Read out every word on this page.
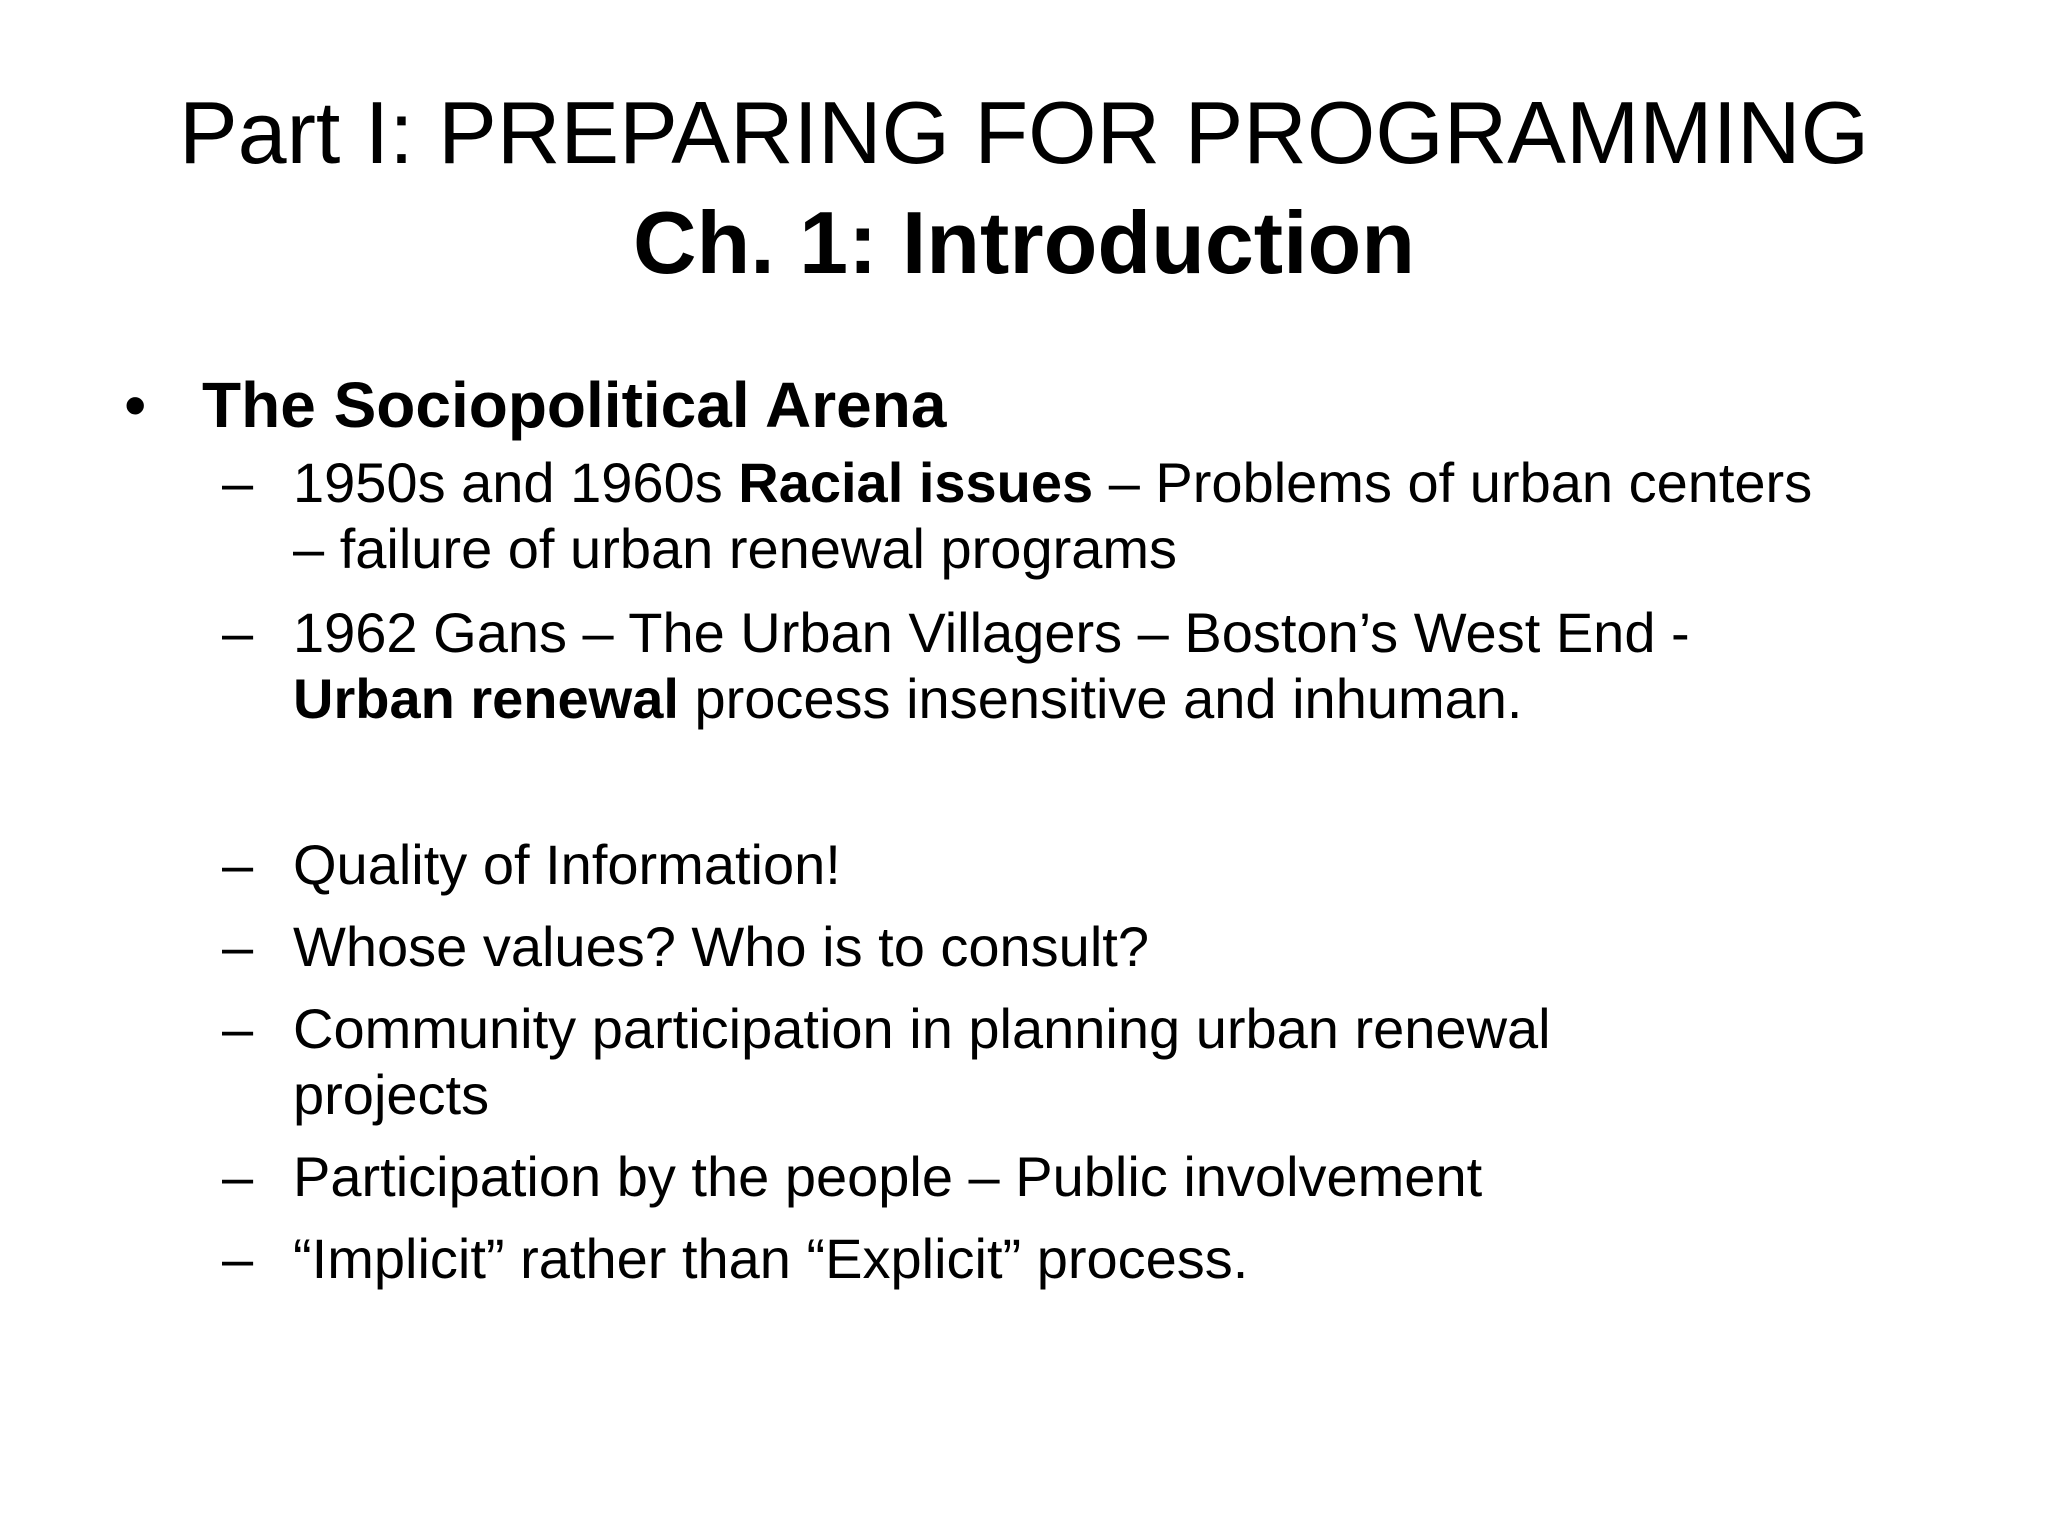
Part I: PREPARING FOR PROGRAMMING
Ch. 1: Introduction
• The Sociopolitical Arena
– 1950s and 1960s Racial issues – Problems of urban centers
– failure of urban renewal programs
– 1962 Gans – The Urban Villagers – Boston’s West End -
Urban renewal process insensitive and inhuman.
– Quality of Information!
– Whose values? Who is to consult?
– Community participation in planning urban renewal
projects
– Participation by the people – Public involvement
– “Implicit” rather than “Explicit” process.
